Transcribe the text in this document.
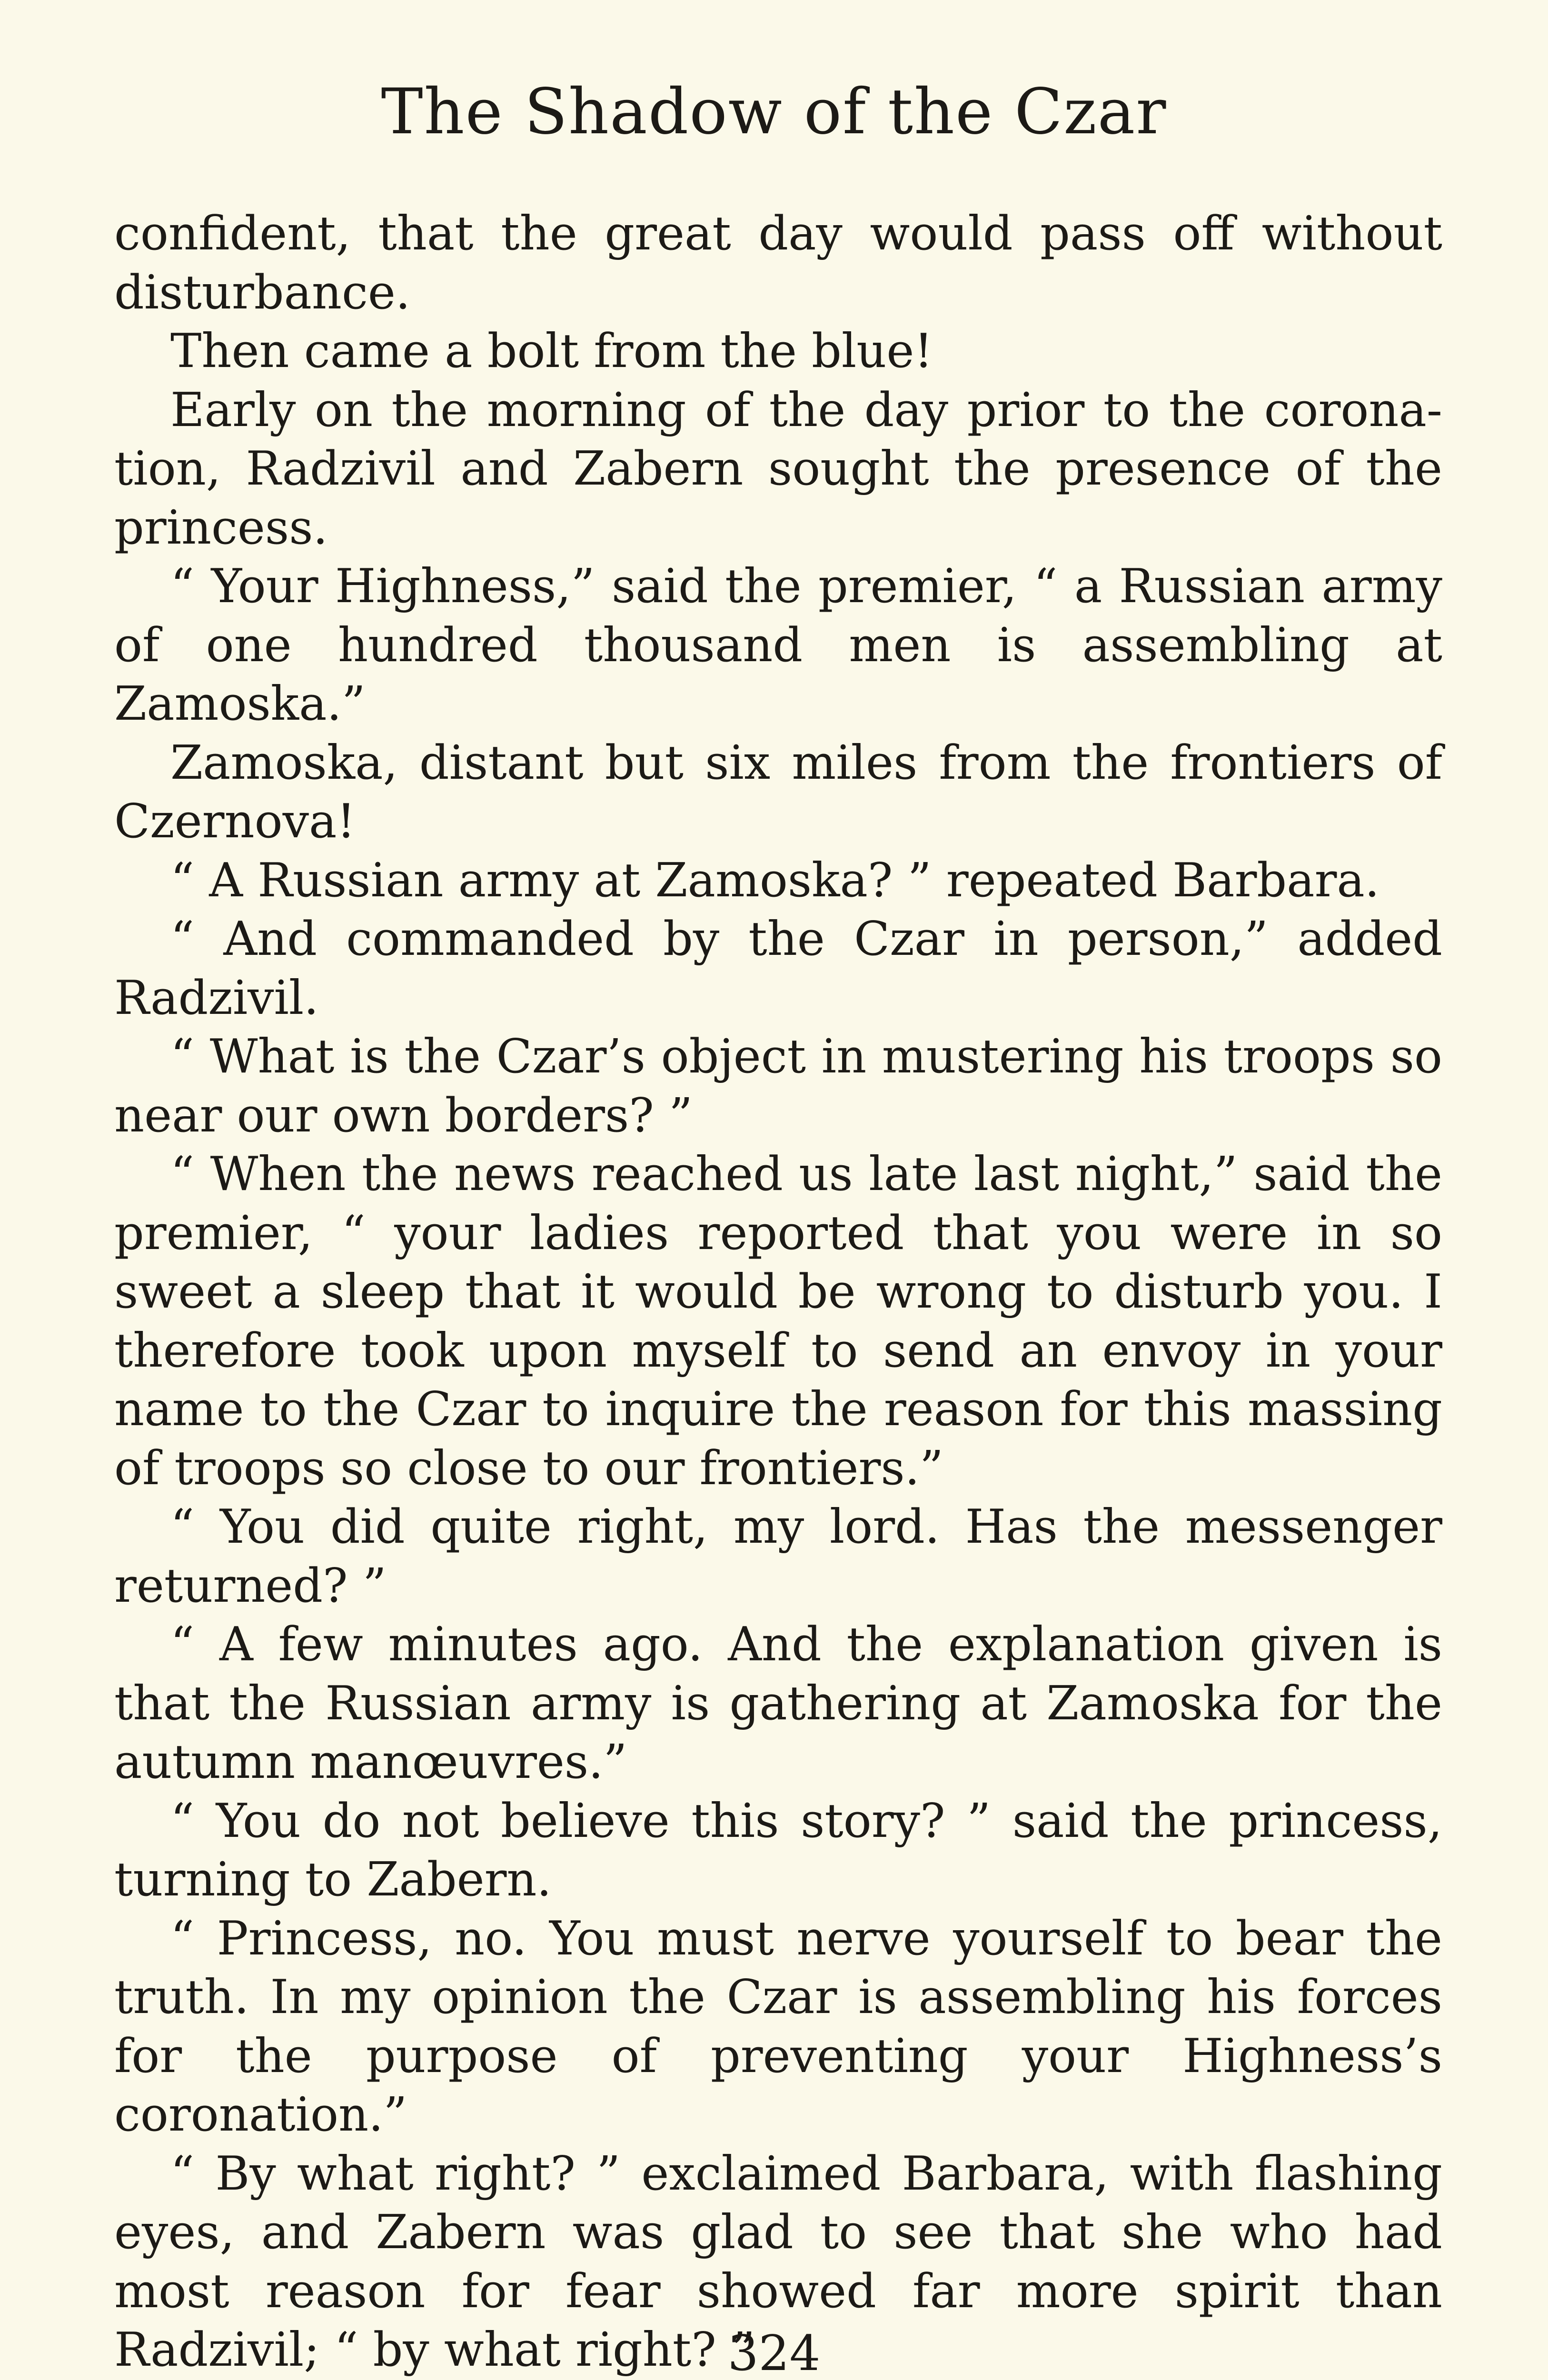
The Shadow of the Czar

confident, that the great day would pass off without disturbance.

Then came a bolt from the blue!

Early on the morning of the day prior to the corona-tion, Radzivil and Zabern sought the presence of the princess.

“ Your Highness,” said the premier, “ a Russian army of one hundred thousand men is assembling at Zamoska.”

Zamoska, distant but six miles from the frontiers of Czernova!

“ A Russian army at Zamoska? ” repeated Barbara.

“ And commanded by the Czar in person,” added Radzivil.

“ What is the Czar’s object in mustering his troops so near our own borders? ”

“ When the news reached us late last night,” said the premier, “ your ladies reported that you were in so sweet a sleep that it would be wrong to disturb you. I therefore took upon myself to send an envoy in your name to the Czar to inquire the reason for this massing of troops so close to our frontiers.”

“ You did quite right, my lord. Has the messenger returned? ”

“ A few minutes ago. And the explanation given is that the Russian army is gathering at Zamoska for the autumn manœuvres.”

“ You do not believe this story? ” said the princess, turning to Zabern.

“ Princess, no. You must nerve yourself to bear the truth. In my opinion the Czar is assembling his forces for the purpose of preventing your Highness’s coronation.”

“ By what right? ” exclaimed Barbara, with flashing eyes, and Zabern was glad to see that she who had most reason for fear showed far more spirit than Radzivil; “ by what right? ”

324
